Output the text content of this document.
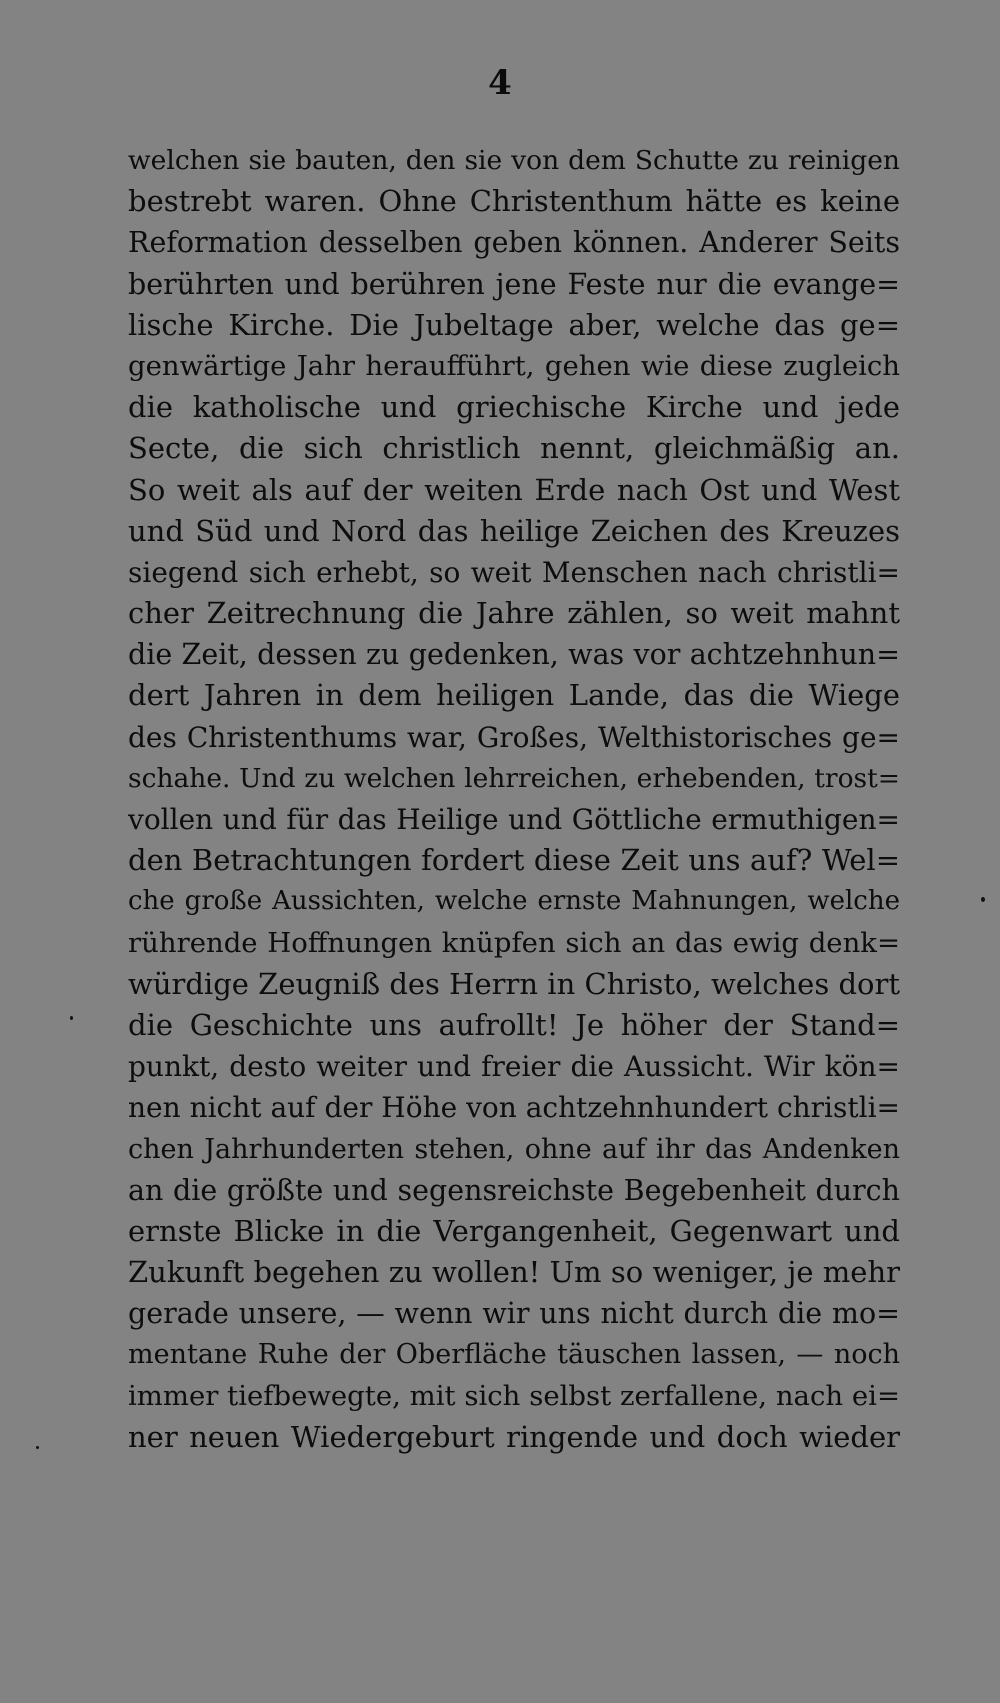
4
welchen sie bauten, den sie von dem Schutte zu reinigen
bestrebt waren. Ohne Christenthum hätte es keine
Reformation desselben geben können. Anderer Seits
berührten und berühren jene Feste nur die evange=
lische Kirche. Die Jubeltage aber, welche das ge=
genwärtige Jahr heraufführt, gehen wie diese zugleich
die katholische und griechische Kirche und jede
Secte, die sich christlich nennt, gleichmäßig an.
So weit als auf der weiten Erde nach Ost und West
und Süd und Nord das heilige Zeichen des Kreuzes
siegend sich erhebt, so weit Menschen nach christli=
cher Zeitrechnung die Jahre zählen, so weit mahnt
die Zeit, dessen zu gedenken, was vor achtzehnhun=
dert Jahren in dem heiligen Lande, das die Wiege
des Christenthums war, Großes, Welthistorisches ge=
schahe. Und zu welchen lehrreichen, erhebenden, trost=
vollen und für das Heilige und Göttliche ermuthigen=
den Betrachtungen fordert diese Zeit uns auf? Wel=
che große Aussichten, welche ernste Mahnungen, welche
rührende Hoffnungen knüpfen sich an das ewig denk=
würdige Zeugniß des Herrn in Christo, welches dort
die Geschichte uns aufrollt! Je höher der Stand=
punkt, desto weiter und freier die Aussicht. Wir kön=
nen nicht auf der Höhe von achtzehnhundert christli=
chen Jahrhunderten stehen, ohne auf ihr das Andenken
an die größte und segensreichste Begebenheit durch
ernste Blicke in die Vergangenheit, Gegenwart und
Zukunft begehen zu wollen! Um so weniger, je mehr
gerade unsere, — wenn wir uns nicht durch die mo=
mentane Ruhe der Oberfläche täuschen lassen, — noch
immer tiefbewegte, mit sich selbst zerfallene, nach ei=
ner neuen Wiedergeburt ringende und doch wieder
